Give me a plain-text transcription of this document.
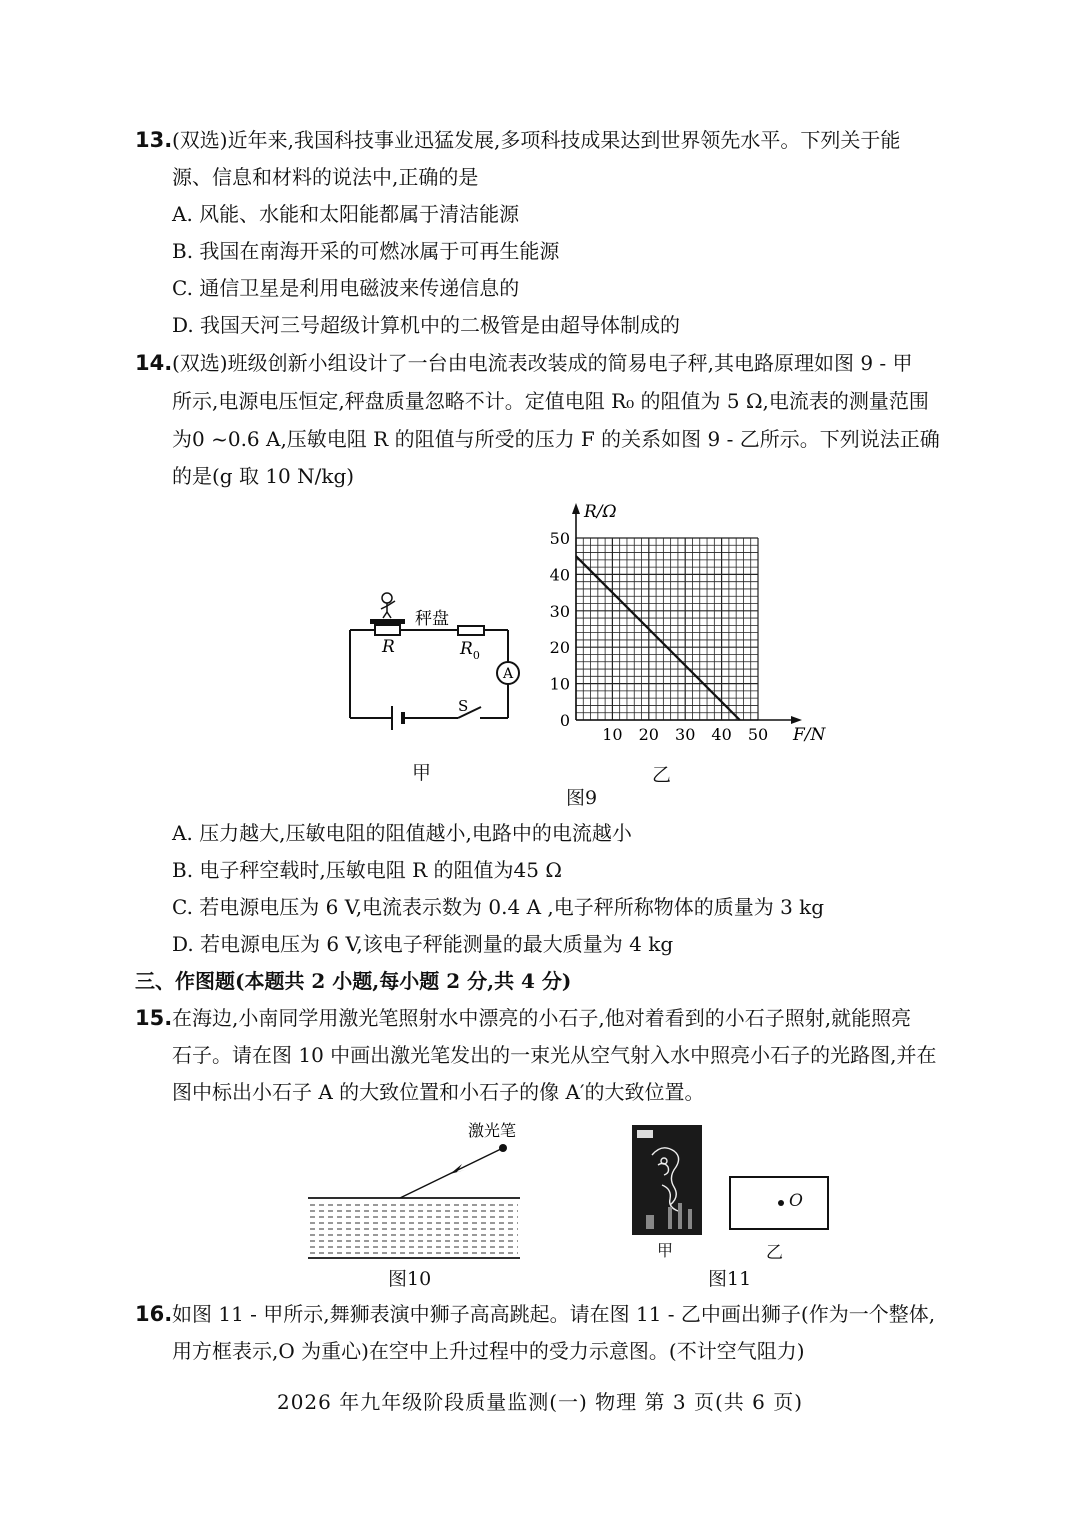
13. (双选)近年来,我国科技事业迅猛发展,多项科技成果达到世界领先水平。下列关于能
源、信息和材料的说法中,正确的是
A. 风能、水能和太阳能都属于清洁能源
B. 我国在南海开采的可燃冰属于可再生能源
C. 通信卫星是利用电磁波来传递信息的
D. 我国天河三号超级计算机中的二极管是由超导体制成的
14. (双选)班级创新小组设计了一台由电流表改装成的简易电子秤,其电路原理如图 9 - 甲
所示,电源电压恒定,秤盘质量忽略不计。定值电阻 R₀ 的阻值为 5 Ω,电流表的测量范围
为0 ~0.6 A,压敏电阻 R 的阻值与所受的压力 F 的关系如图 9 - 乙所示。下列说法正确
的是(g 取 10 N/kg)
A
秤盘
R	$R_0$
S
甲
R/Ω
F/N
10 20 30 40 50
0
10
20
30
40
50
乙
图9
A. 压力越大,压敏电阻的阻值越小,电路中的电流越小
B. 电子秤空载时,压敏电阻 R 的阻值为45 Ω
C. 若电源电压为 6 V,电流表示数为 0.4 A ,电子秤所称物体的质量为 3 kg
D. 若电源电压为 6 V,该电子秤能测量的最大质量为 4 kg
三、作图题(本题共 2 小题,每小题 2 分,共 4 分)
15. 在海边,小南同学用激光笔照射水中漂亮的小石子,他对着看到的小石子照射,就能照亮
石子。请在图 10 中画出激光笔发出的一束光从空气射入水中照亮小石子的光路图,并在
图中标出小石子 A 的大致位置和小石子的像 A′的大致位置。
激光笔
图10
甲
O
乙
图11
16. 如图 11 - 甲所示,舞狮表演中狮子高高跳起。请在图 11 - 乙中画出狮子(作为一个整体,
用方框表示,O 为重心)在空中上升过程中的受力示意图。(不计空气阻力)
2026 年九年级阶段质量监测(一) 物理 第 3 页(共 6 页)
